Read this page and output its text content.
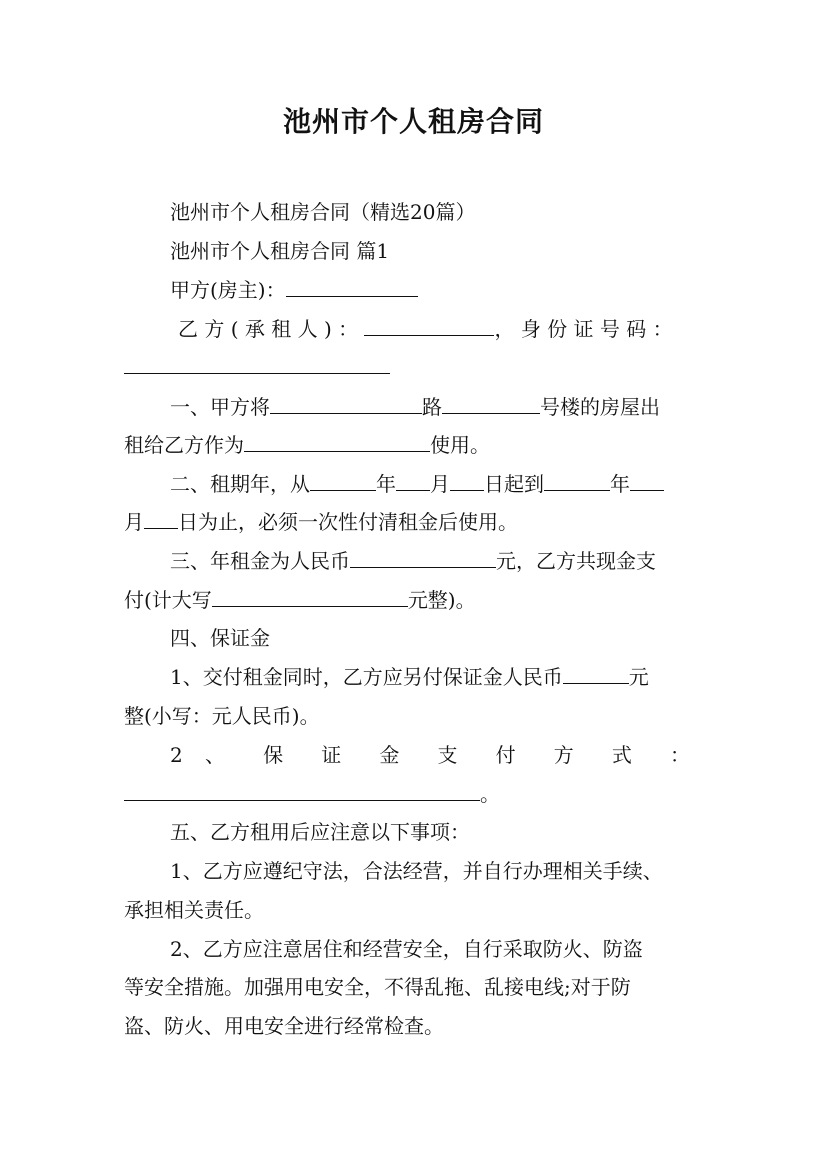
池州市个人租房合同
池州市个人租房合同（精选20篇）
池州市个人租房合同 篇1
甲方(房主)：
乙 方 ( 承 租 人 ) ：	， 身 份 证 号 码 ：
一、甲方将	路	号楼的房屋出
租给乙方作为	使用。
二、租期年，从	年 月 日起到	年
月 日为止，必须一次性付清租金后使用。
三、年租金为人民币	元，乙方共现金支
付(计大写	元整)。
四、保证金
1、交付租金同时，乙方应另付保证金人民币	元
整(小写：元人民币)。
2 、 保 证 金 支 付 方 式 ：
。
五、乙方租用后应注意以下事项：
1、乙方应遵纪守法，合法经营，并自行办理相关手续、
承担相关责任。
2、乙方应注意居住和经营安全，自行采取防火、防盗
等安全措施。加强用电安全，不得乱拖、乱接电线;对于防
盗、防火、用电安全进行经常检查。
